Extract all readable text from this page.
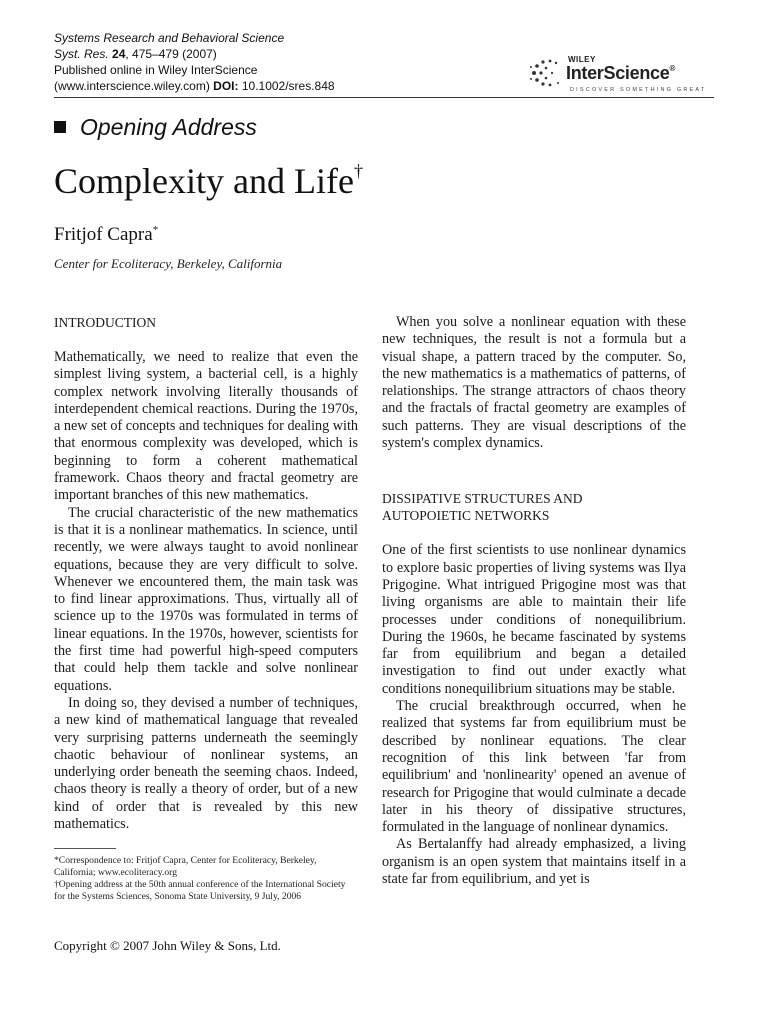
Systems Research and Behavioral Science
Syst. Res. 24, 475–479 (2007)
Published online in Wiley InterScience
(www.interscience.wiley.com) DOI: 10.1002/sres.848
WILEY
InterScience®
DISCOVER SOMETHING GREAT
Opening Address
Complexity and Life†
Fritjof Capra*
Center for Ecoliteracy, Berkeley, California

INTRODUCTION

Mathematically, we need to realize that even the simplest living system, a bacterial cell, is a highly complex network involving literally thousands of interdependent chemical reactions. During the 1970s, a new set of concepts and techniques for dealing with that enormous complexity was developed, which is beginning to form a coherent mathematical framework. Chaos theory and fractal geometry are important branches of this new mathematics.

The crucial characteristic of the new mathematics is that it is a nonlinear mathematics. In science, until recently, we were always taught to avoid nonlinear equations, because they are very difficult to solve. Whenever we encountered them, the main task was to find linear approximations. Thus, virtually all of science up to the 1970s was formulated in terms of linear equations. In the 1970s, however, scientists for the first time had powerful high-speed computers that could help them tackle and solve nonlinear equations.

In doing so, they devised a number of techniques, a new kind of mathematical language that revealed very surprising patterns underneath the seemingly chaotic behaviour of nonlinear systems, an underlying order beneath the seeming chaos. Indeed, chaos theory is really a theory of order, but of a new kind of order that is revealed by this new mathematics.

When you solve a nonlinear equation with these new techniques, the result is not a formula but a visual shape, a pattern traced by the computer. So, the new mathematics is a mathematics of patterns, of relationships. The strange attractors of chaos theory and the fractals of fractal geometry are examples of such patterns. They are visual descriptions of the system's complex dynamics.

DISSIPATIVE STRUCTURES AND

AUTOPOIETIC NETWORKS

One of the first scientists to use nonlinear dynamics to explore basic properties of living systems was Ilya Prigogine. What intrigued Prigogine most was that living organisms are able to maintain their life processes under conditions of nonequilibrium. During the 1960s, he became fascinated by systems far from equilibrium and began a detailed investigation to find out under exactly what conditions nonequilibrium situations may be stable.

The crucial breakthrough occurred, when he realized that systems far from equilibrium must be described by nonlinear equations. The clear recognition of this link between 'far from equilibrium' and 'nonlinearity' opened an avenue of research for Prigogine that would culminate a decade later in his theory of dissipative structures, formulated in the language of nonlinear dynamics.

As Bertalanffy had already emphasized, a living organism is an open system that maintains itself in a state far from equilibrium, and yet is

*Correspondence to: Fritjof Capra, Center for Ecoliteracy, Berkeley, California; www.ecoliteracy.org

†Opening address at the 50th annual conference of the International Society for the Systems Sciences, Sonoma State University, 9 July, 2006

Copyright © 2007 John Wiley & Sons, Ltd.
